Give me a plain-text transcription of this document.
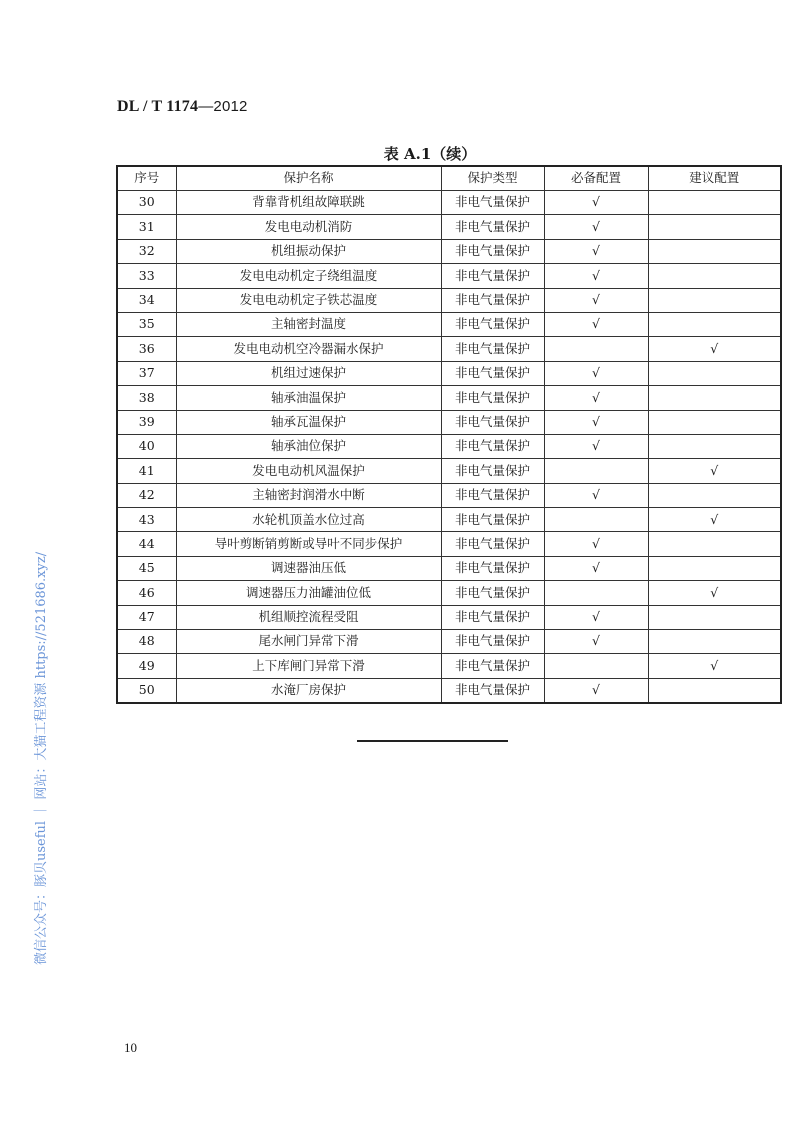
DL / T 1174—2012
表 A.1（续）
序号	保护名称	保护类型	必备配置	建议配置
30	背靠背机组故障联跳	非电气量保护	√	
31	发电电动机消防	非电气量保护	√	
32	机组振动保护	非电气量保护	√	
33	发电电动机定子绕组温度	非电气量保护	√	
34	发电电动机定子铁芯温度	非电气量保护	√	
35	主轴密封温度	非电气量保护	√	
36	发电电动机空冷器漏水保护	非电气量保护		√
37	机组过速保护	非电气量保护	√	
38	轴承油温保护	非电气量保护	√	
39	轴承瓦温保护	非电气量保护	√	
40	轴承油位保护	非电气量保护	√	
41	发电电动机风温保护	非电气量保护		√
42	主轴密封润滑水中断	非电气量保护	√	
43	水轮机顶盖水位过高	非电气量保护		√
44	导叶剪断销剪断或导叶不同步保护	非电气量保护	√	
45	调速器油压低	非电气量保护	√	
46	调速器压力油罐油位低	非电气量保护		√
47	机组顺控流程受阻	非电气量保护	√	
48	尾水闸门异常下滑	非电气量保护	√	
49	上下库闸门异常下滑	非电气量保护		√
50	水淹厂房保护	非电气量保护	√	
10
微信公众号：豚贝useful ｜ 网站：大猫工程资源 https://521686.xyz/
